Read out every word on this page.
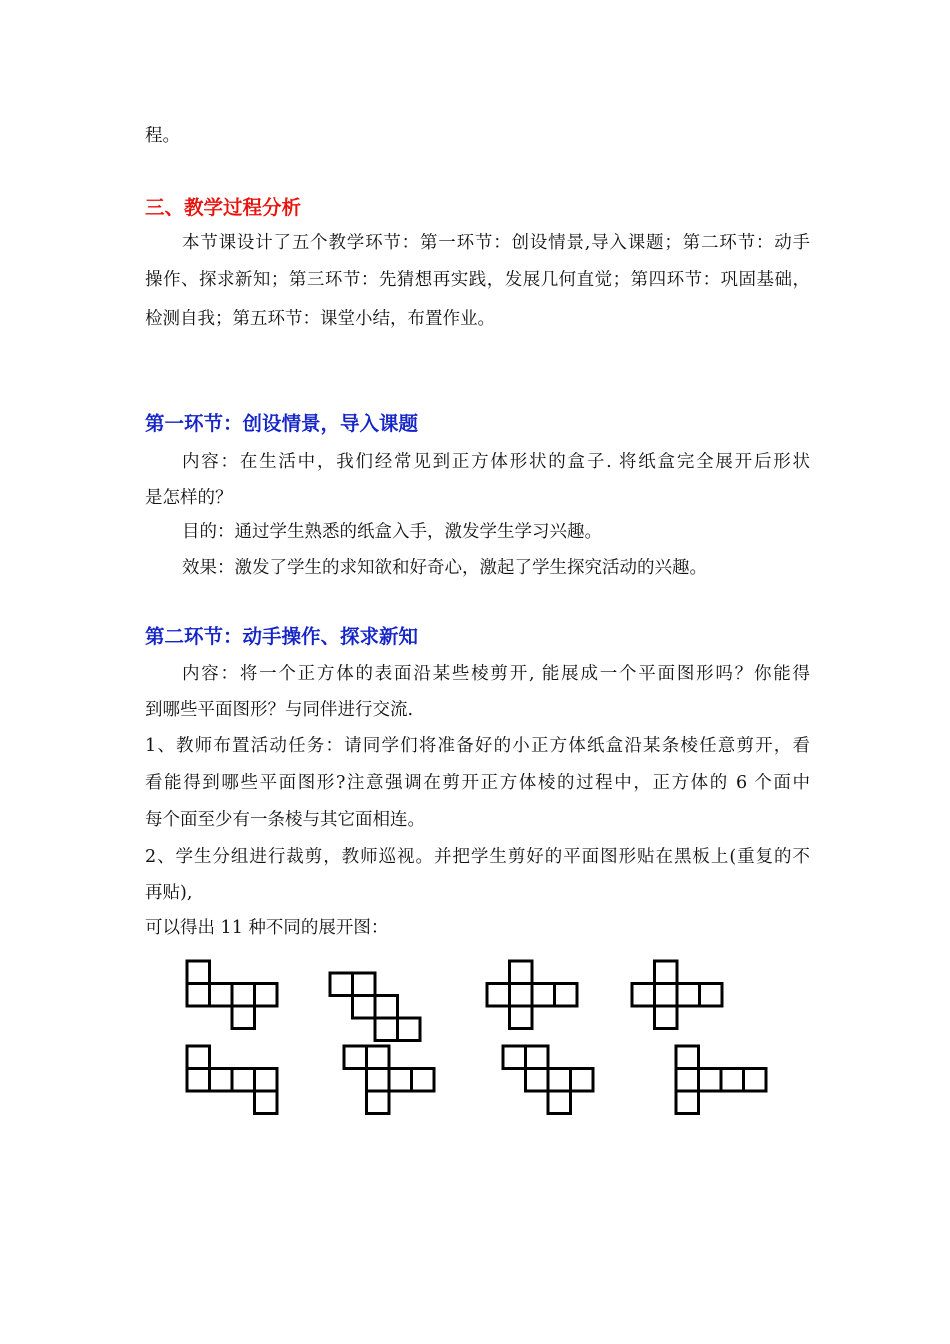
程。
三、教学过程分析
本节课设计了五个教学环节：第一环节：创设情景,导入课题；第二环节：动手
操作、探求新知；第三环节：先猜想再实践，发展几何直觉；第四环节：巩固基础，
检测自我；第五环节：课堂小结，布置作业。
第一环节：创设情景，导入课题
内容：在生活中，我们经常见到正方体形状的盒子. 将纸盒完全展开后形状
是怎样的？
目的：通过学生熟悉的纸盒入手，激发学生学习兴趣。
效果：激发了学生的求知欲和好奇心，激起了学生探究活动的兴趣。
第二环节：动手操作、探求新知
内容：将一个正方体的表面沿某些棱剪开, 能展成一个平面图形吗？你能得
到哪些平面图形？与同伴进行交流.
1、教师布置活动任务：请同学们将准备好的小正方体纸盒沿某条棱任意剪开，看
看能得到哪些平面图形?注意强调在剪开正方体棱的过程中，正方体的 6 个面中
每个面至少有一条棱与其它面相连。
2、学生分组进行裁剪，教师巡视。并把学生剪好的平面图形贴在黑板上(重复的不
再贴),
可以得出 11 种不同的展开图：
